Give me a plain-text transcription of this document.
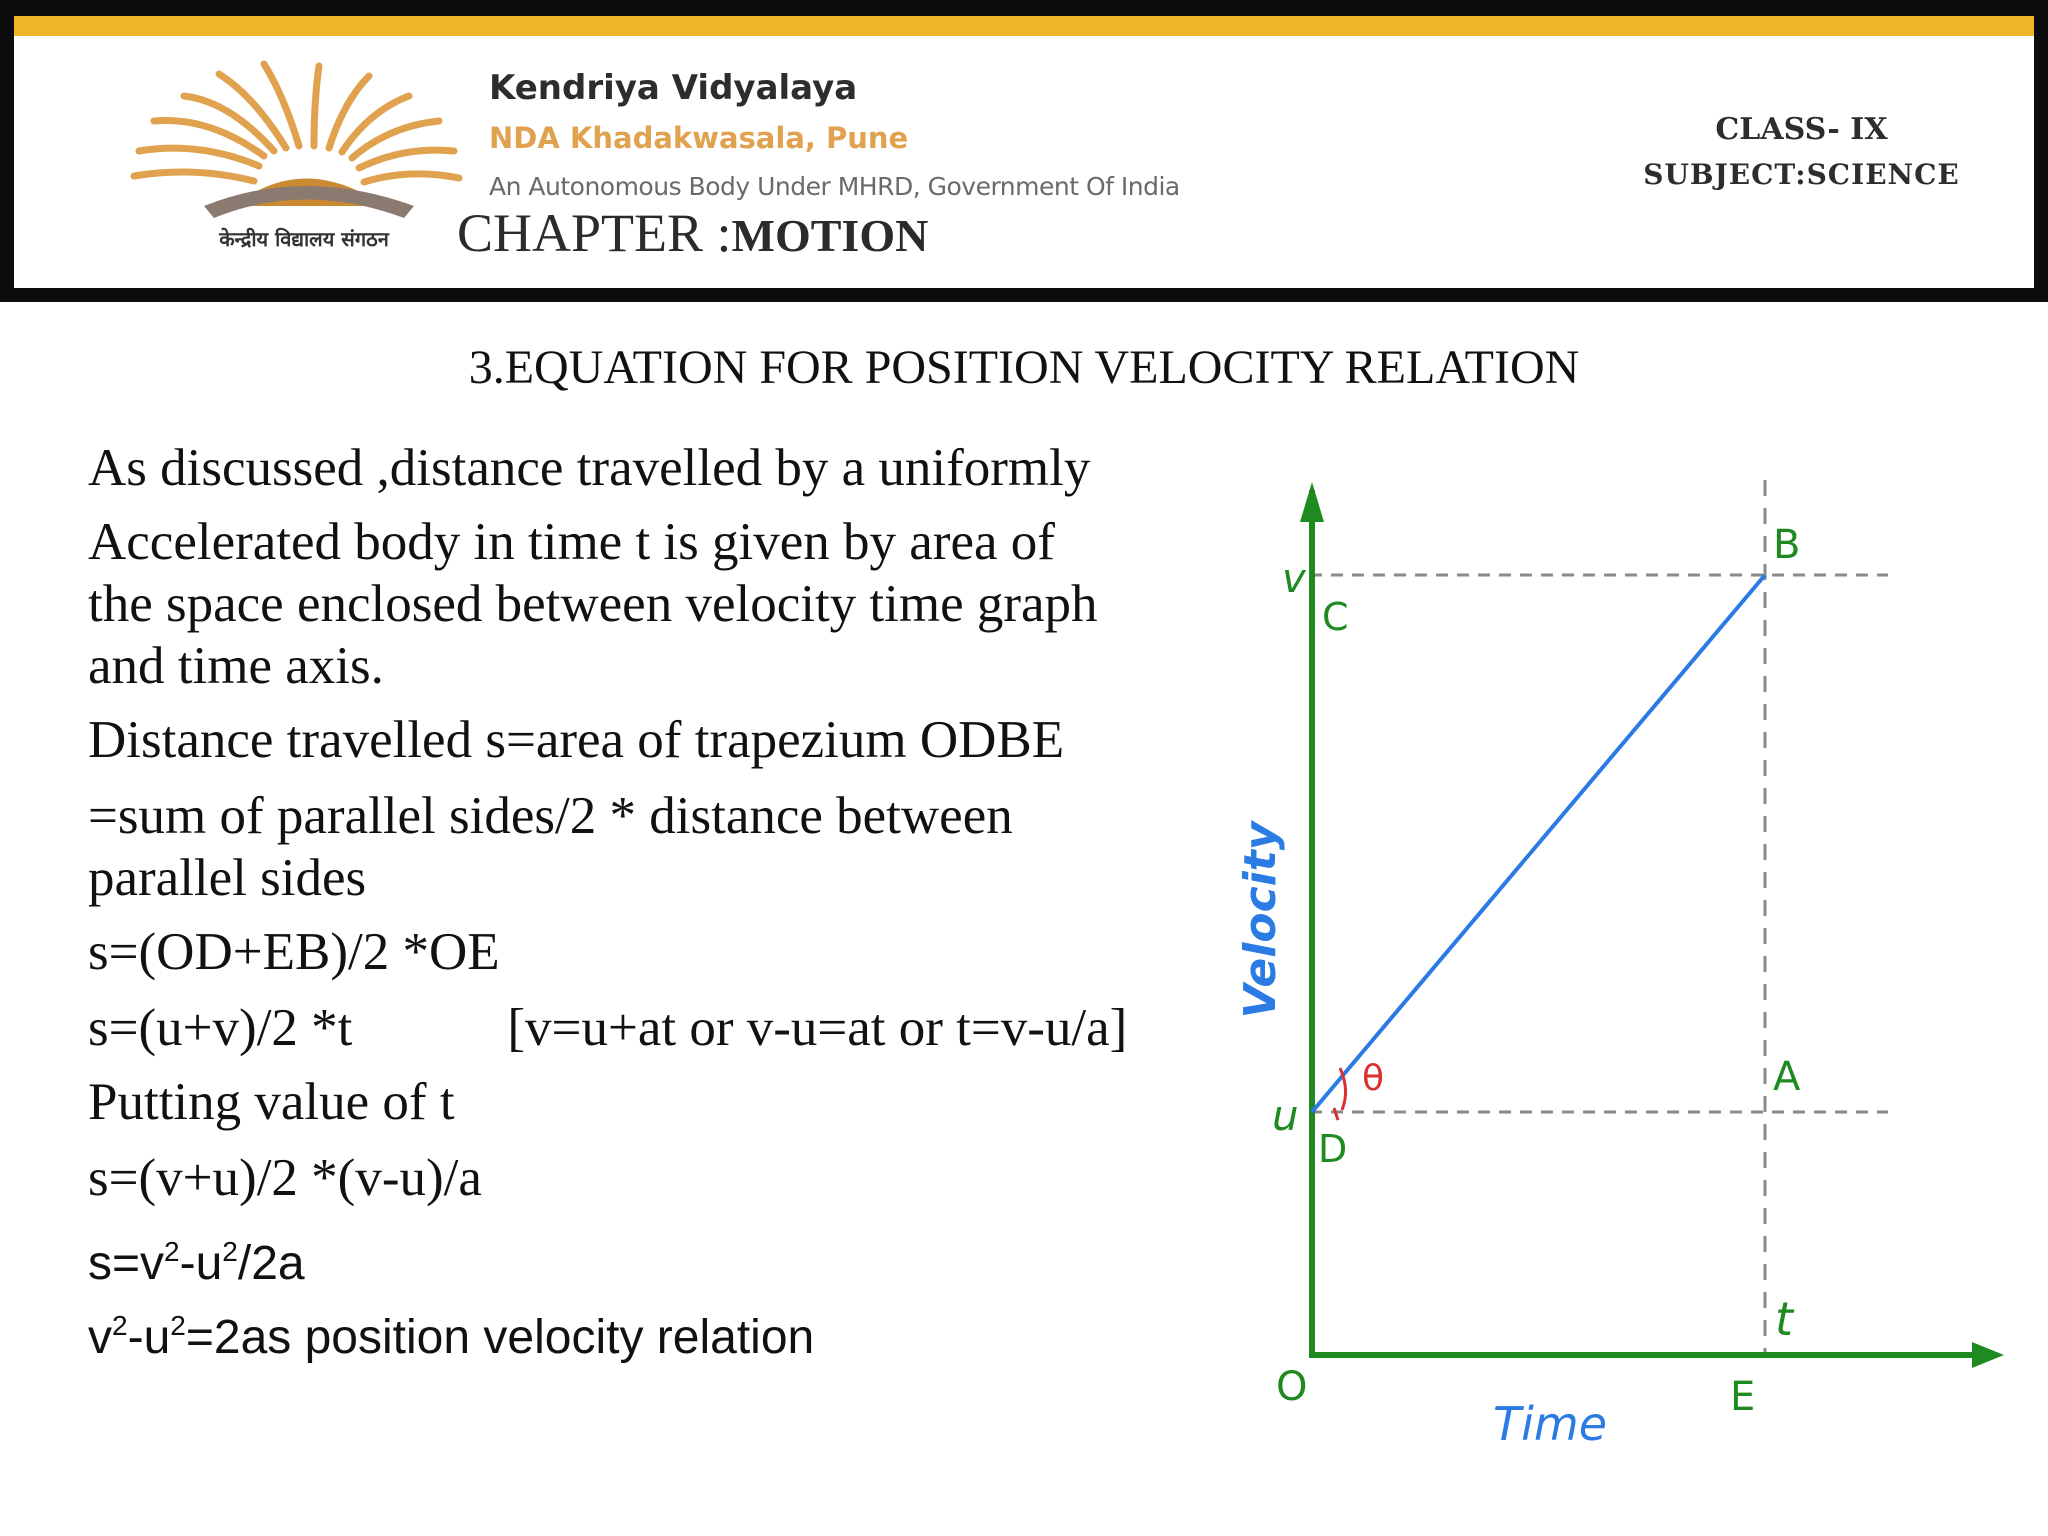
केन्द्रीय विद्यालय संगठन

Kendriya Vidyalaya

NDA Khadakwasala, Pune

An Autonomous Body Under MHRD, Government Of India

CHAPTER :MOTION

CLASS- IX

SUBJECT:SCIENCE

3.EQUATION FOR POSITION VELOCITY RELATION
As discussed ,distance travelled by a uniformly
Accelerated body in time t is given by area of
the space enclosed between velocity time graph
and time axis.
Distance travelled s=area of trapezium ODBE
=sum of parallel sides/2 * distance between
parallel sides
s=(OD+EB)/2 *OE
s=(u+v)/2 *t	[v=u+at or v-u=at or t=v-u/a]
Putting value of t
s=(v+u)/2 *(v-u)/a
$s=v^2-u^2/2a$
$v^2-u^2=2as$ position velocity relation
θ
v
C
B
A
u
D
t
O	E
Time
Velocity
